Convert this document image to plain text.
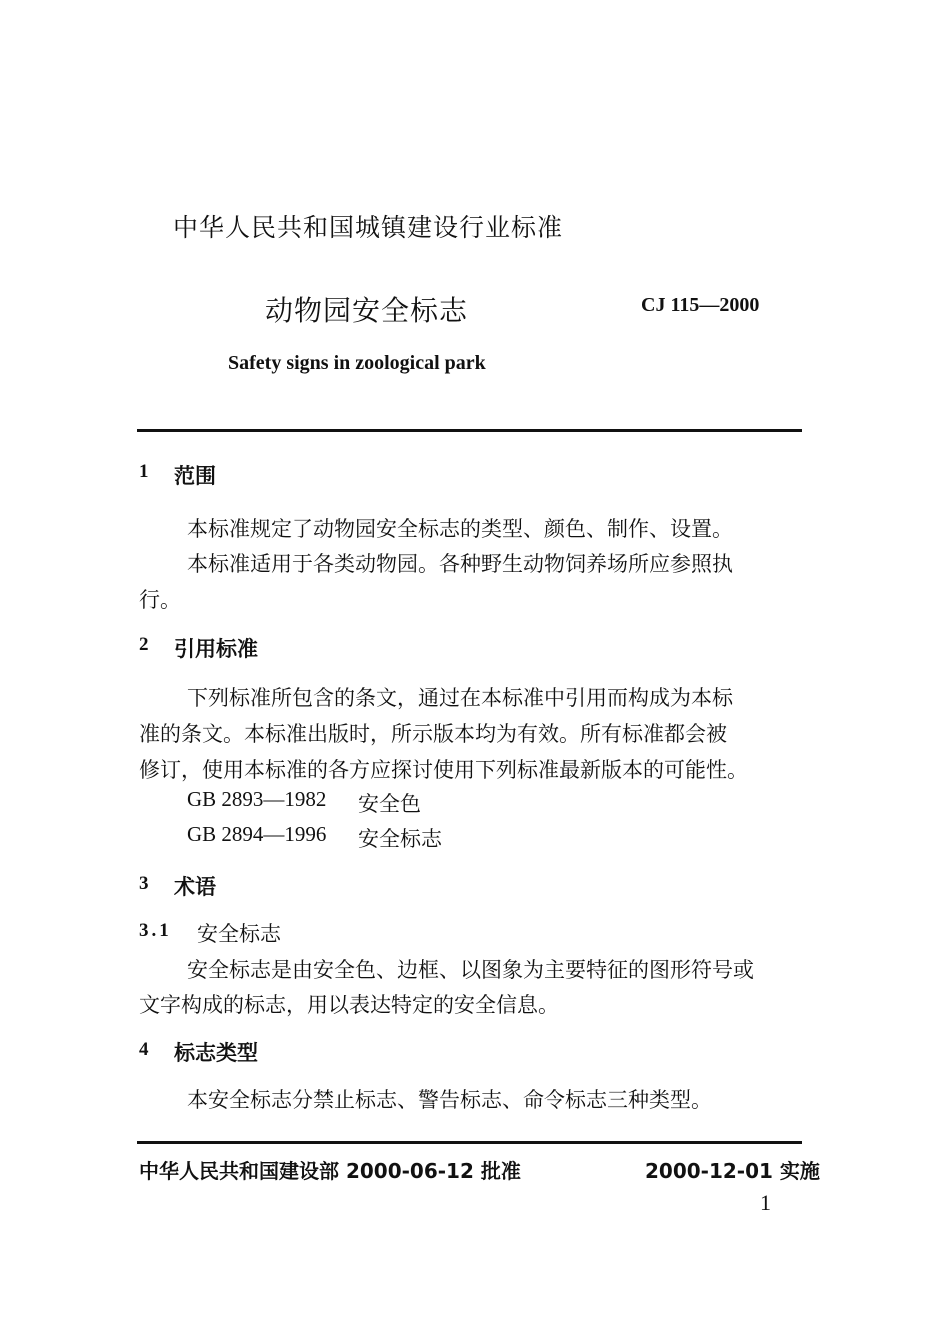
中华人民共和国城镇建设行业标准
动物园安全标志	CJ 115—2000
Safety signs in zoological park
1 范围
本标准规定了动物园安全标志的类型、颜色、制作、设置。
本标准适用于各类动物园。各种野生动物饲养场所应参照执
行。
2 引用标准
下列标准所包含的条文，通过在本标准中引用而构成为本标
准的条文。本标准出版时，所示版本均为有效。所有标准都会被
修订，使用本标准的各方应探讨使用下列标准最新版本的可能性。
GB 2893—1982 安全色
GB 2894—1996 安全标志
3 术语
3.1 安全标志
安全标志是由安全色、边框、以图象为主要特征的图形符号或
文字构成的标志，用以表达特定的安全信息。
4 标志类型
本安全标志分禁止标志、警告标志、命令标志三种类型。
中华人民共和国建设部 2000-06-12 批准	2000-12-01 实施
1
